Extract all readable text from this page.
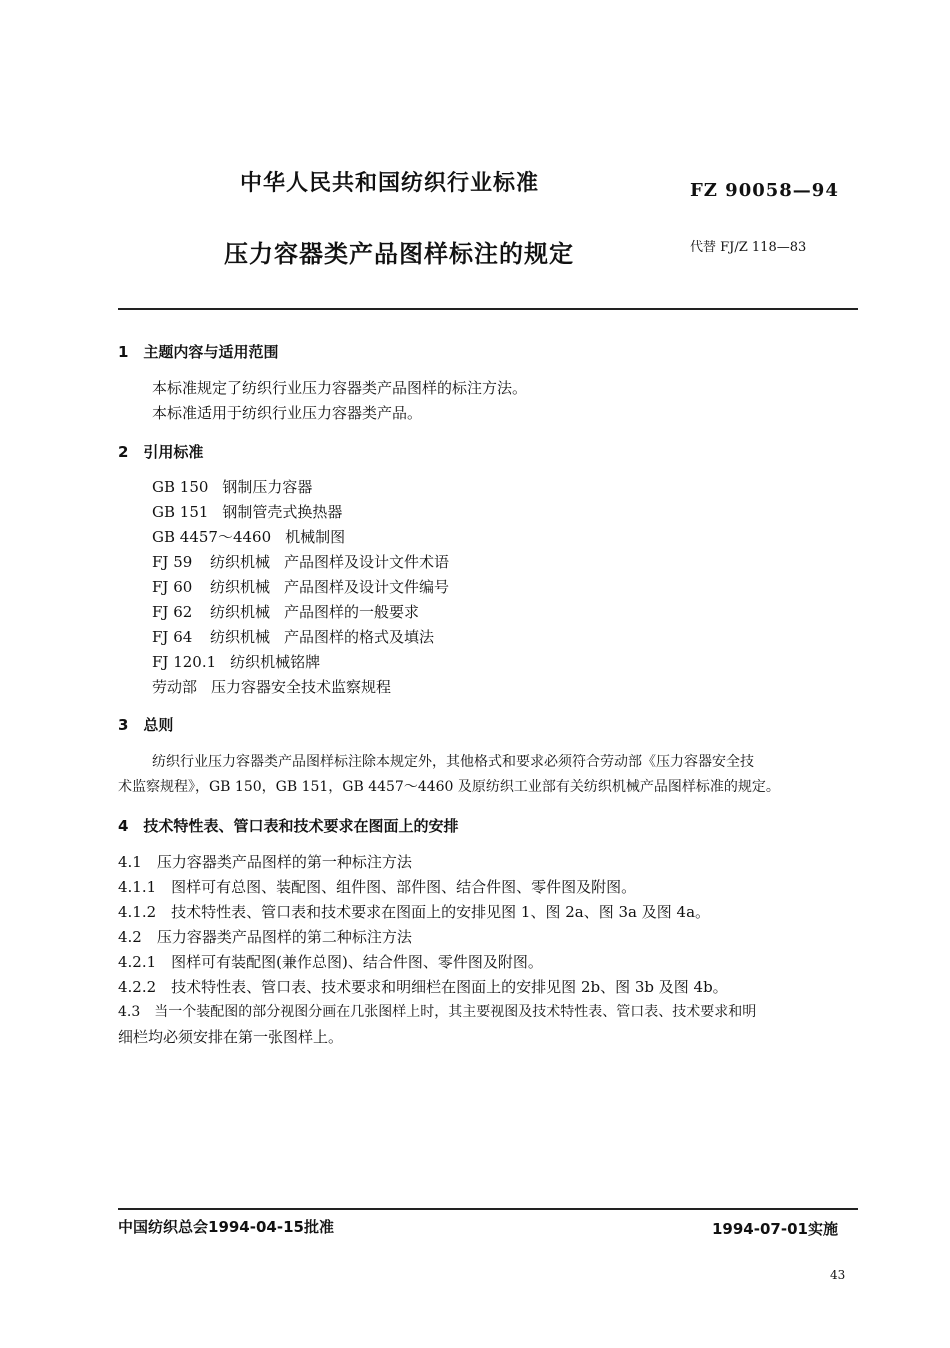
中华人民共和国纺织行业标准	FZ 90058—94
压力容器类产品图样标注的规定	代替 FJ/Z 118—83
1　主题内容与适用范围
本标准规定了纺织行业压力容器类产品图样的标注方法。
本标准适用于纺织行业压力容器类产品。
2　引用标准
GB 150 钢制压力容器
GB 151 钢制管壳式换热器
GB 4457～4460 机械制图
FJ 59 纺织机械 产品图样及设计文件术语
FJ 60 纺织机械 产品图样及设计文件编号
FJ 62 纺织机械 产品图样的一般要求
FJ 64 纺织机械 产品图样的格式及填法
FJ 120.1 纺织机械铭牌
劳动部 压力容器安全技术监察规程
3　总则
纺织行业压力容器类产品图样标注除本规定外，其他格式和要求必须符合劳动部《压力容器安全技
术监察规程》，GB 150，GB 151，GB 4457～4460 及原纺织工业部有关纺织机械产品图样标准的规定。
4　技术特性表、管口表和技术要求在图面上的安排
4.1　压力容器类产品图样的第一种标注方法
4.1.1　图样可有总图、装配图、组件图、部件图、结合件图、零件图及附图。
4.1.2　技术特性表、管口表和技术要求在图面上的安排见图 1、图 2a、图 3a 及图 4a。
4.2　压力容器类产品图样的第二种标注方法
4.2.1　图样可有装配图(兼作总图)、结合件图、零件图及附图。
4.2.2　技术特性表、管口表、技术要求和明细栏在图面上的安排见图 2b、图 3b 及图 4b。
4.3　当一个装配图的部分视图分画在几张图样上时，其主要视图及技术特性表、管口表、技术要求和明
细栏均必须安排在第一张图样上。
中国纺织总会1994-04-15批准	1994-07-01实施
43
